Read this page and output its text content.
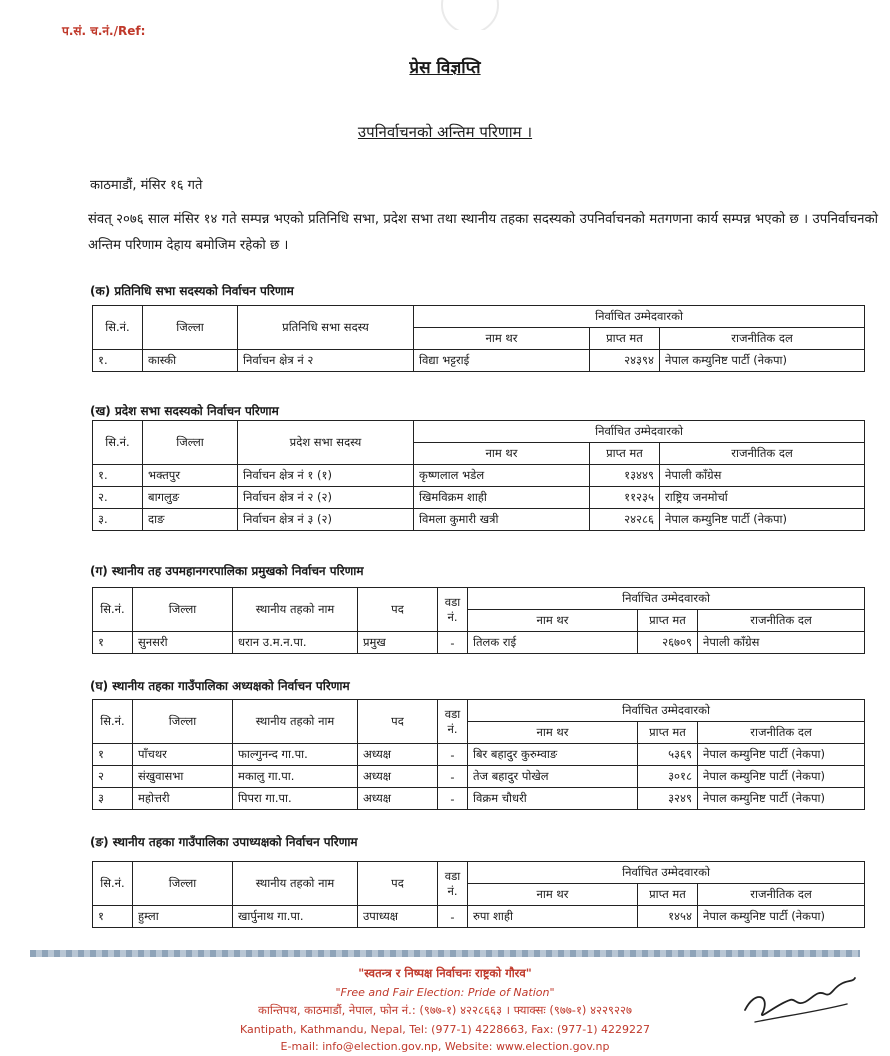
प.सं. च.नं./Ref:
प्रेस विज्ञप्ति
उपनिर्वाचनको अन्तिम परिणाम ।
काठमाडौं, मंसिर १६ गते
संवत् २०७६ साल मंसिर १४ गते सम्पन्न भएको प्रतिनिधि सभा, प्रदेश सभा तथा स्थानीय तहका सदस्यको उपनिर्वाचनको मतगणना कार्य सम्पन्न भएको छ । उपनिर्वाचनको अन्तिम परिणाम देहाय बमोजिम रहेको छ ।
(क) प्रतिनिधि सभा सदस्यको निर्वाचन परिणाम
सि.नं.	जिल्ला	प्रतिनिधि सभा सदस्य	निर्वाचित उम्मेदवारको		
			नाम थर	प्राप्त मत	राजनीतिक दल
१.	कास्की	निर्वाचन क्षेत्र नं २	विद्या भट्टराई	२४३९४	नेपाल कम्युनिष्ट पार्टी (नेकपा)
(ख) प्रदेश सभा सदस्यको निर्वाचन परिणाम
सि.नं.	जिल्ला	प्रदेश सभा सदस्य	निर्वाचित उम्मेदवारको		
			नाम थर	प्राप्त मत	राजनीतिक दल
१.	भक्तपुर	निर्वाचन क्षेत्र नं १ (१)	कृष्णलाल भडेल	१३४४९	नेपाली काँग्रेस
२.	बागलुङ	निर्वाचन क्षेत्र नं २ (२)	खिमविक्रम शाही	११२३५	राष्ट्रिय जनमोर्चा
३.	दाङ	निर्वाचन क्षेत्र नं ३ (२)	विमला कुमारी खत्री	२४२८६	नेपाल कम्युनिष्ट पार्टी (नेकपा)
(ग) स्थानीय तह उपमहानगरपालिका प्रमुखको निर्वाचन परिणाम
सि.नं.	जिल्ला	स्थानीय तहको नाम	पद	वडा नं.	निर्वाचित उम्मेदवारको		
					नाम थर	प्राप्त मत	राजनीतिक दल
१	सुनसरी	धरान उ.म.न.पा.	प्रमुख	-	तिलक राई	२६७०९	नेपाली काँग्रेस
(घ) स्थानीय तहका गाउँपालिका अध्यक्षको निर्वाचन परिणाम
सि.नं.	जिल्ला	स्थानीय तहको नाम	पद	वडा नं.	निर्वाचित उम्मेदवारको		
					नाम थर	प्राप्त मत	राजनीतिक दल
१	पाँचथर	फाल्गुनन्द गा.पा.	अध्यक्ष	-	बिर बहादुर कुरुम्वाङ	५३६९	नेपाल कम्युनिष्ट पार्टी (नेकपा)
२	संखुवासभा	मकालु गा.पा.	अध्यक्ष	-	तेज बहादुर पोखेल	३०१८	नेपाल कम्युनिष्ट पार्टी (नेकपा)
३	महोत्तरी	पिपरा गा.पा.	अध्यक्ष	-	विक्रम चौधरी	३२४९	नेपाल कम्युनिष्ट पार्टी (नेकपा)
(ङ) स्थानीय तहका गाउँपालिका उपाध्यक्षको निर्वाचन परिणाम
सि.नं.	जिल्ला	स्थानीय तहको नाम	पद	वडा नं.	निर्वाचित उम्मेदवारको		
					नाम थर	प्राप्त मत	राजनीतिक दल
१	हुम्ला	खार्पुनाथ गा.पा.	उपाध्यक्ष	-	रुपा शाही	१४५४	नेपाल कम्युनिष्ट पार्टी (नेकपा)
"स्वतन्त्र र निष्पक्ष निर्वाचनः राष्ट्रको गौरव"
"Free and Fair Election: Pride of Nation"
कान्तिपथ, काठमाडौं, नेपाल, फोन नं.: (९७७-१) ४२२८६६३ । फ्याक्सः (९७७-१) ४२२९२२७
Kantipath, Kathmandu, Nepal, Tel: (977-1) 4228663, Fax: (977-1) 4229227
E-mail: info@election.gov.np, Website: www.election.gov.np
